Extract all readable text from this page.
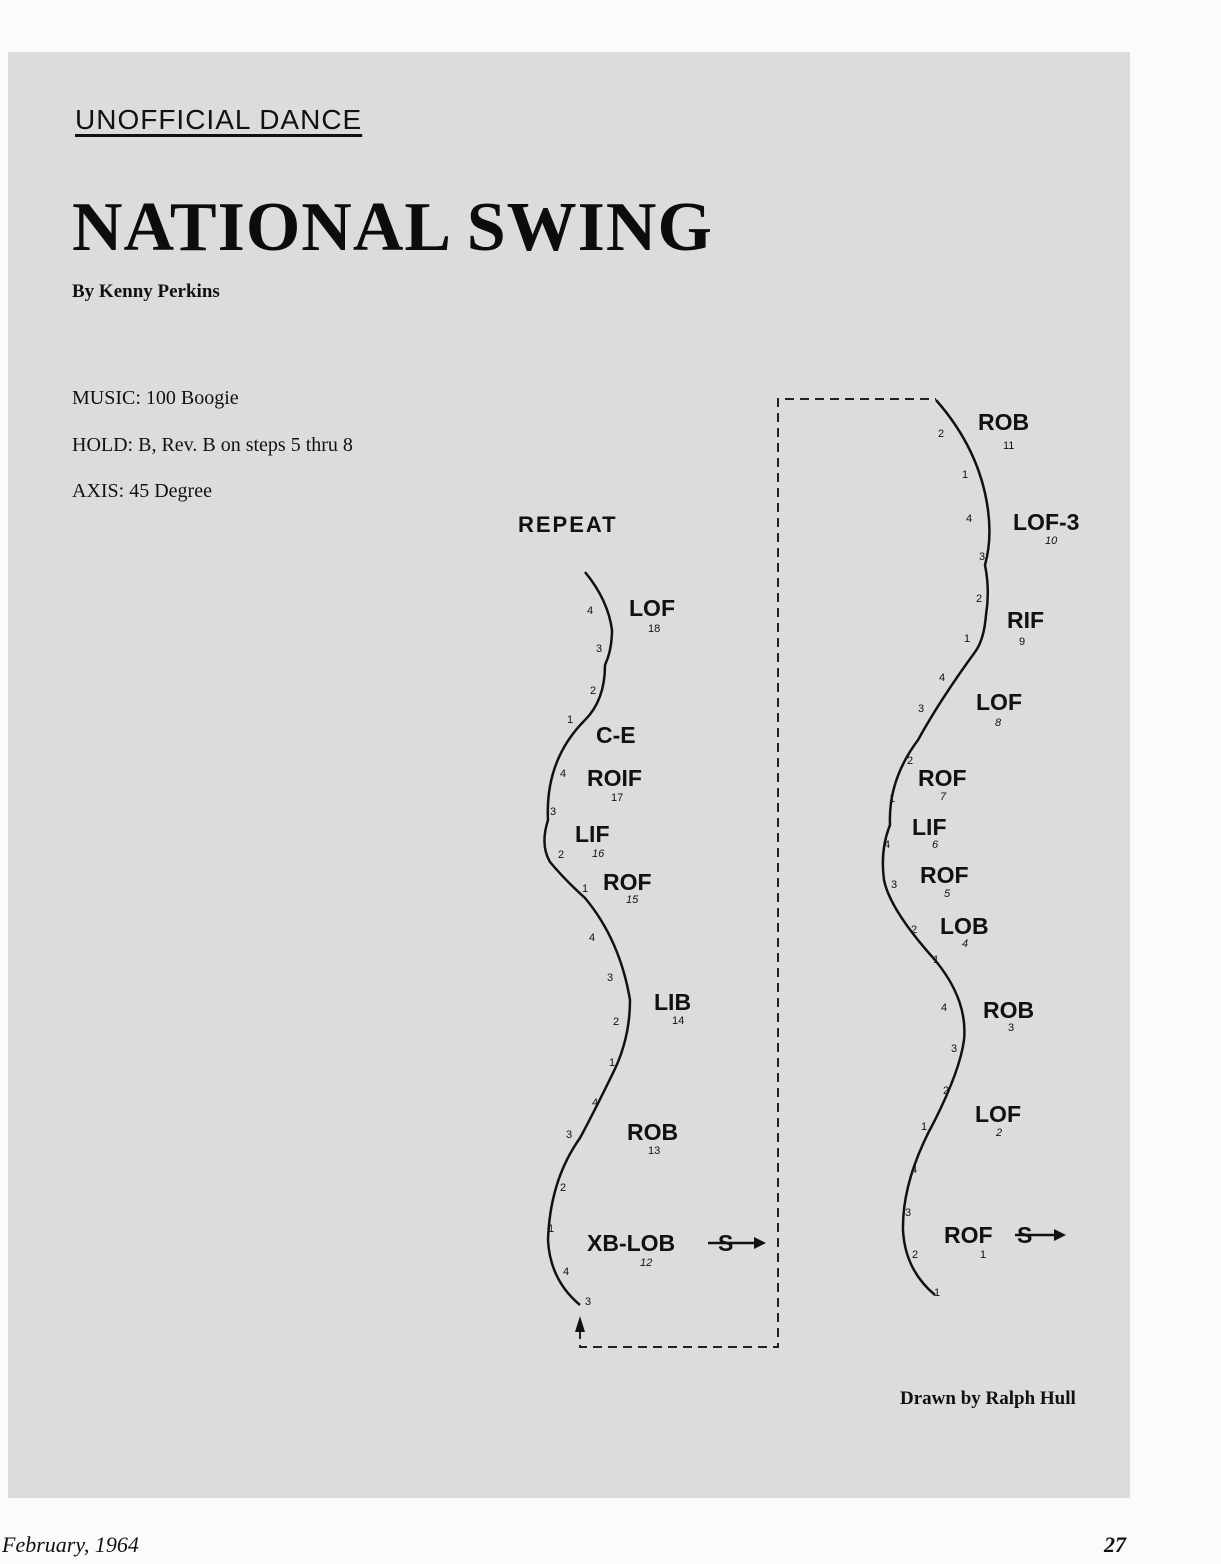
UNOFFICIAL DANCE
NATIONAL SWING
By Kenny Perkins
MUSIC: 100 Boogie
HOLD: B, Rev. B on steps 5 thru 8
AXIS: 45 Degree
REPEAT
ROB
11
LOF-3
10
RIF
9
LOF
8
ROF
7
LIF
6
ROF
5
LOB
4
ROB
3
LOF
2
ROF
1
S
LOF
18
C-E
ROIF
17
LIF
16
ROF
15
LIB
14
ROB
13
XB-LOB
12
S
2
1
4
3
2
1
4
3
2
1
4
3
2
1
4
3
2
1
4
3
2
1
4
3
2
1
4
3
2
1
4
3
2
1
4
3
2
1
4
3
Drawn by Ralph Hull
February, 1964	27
